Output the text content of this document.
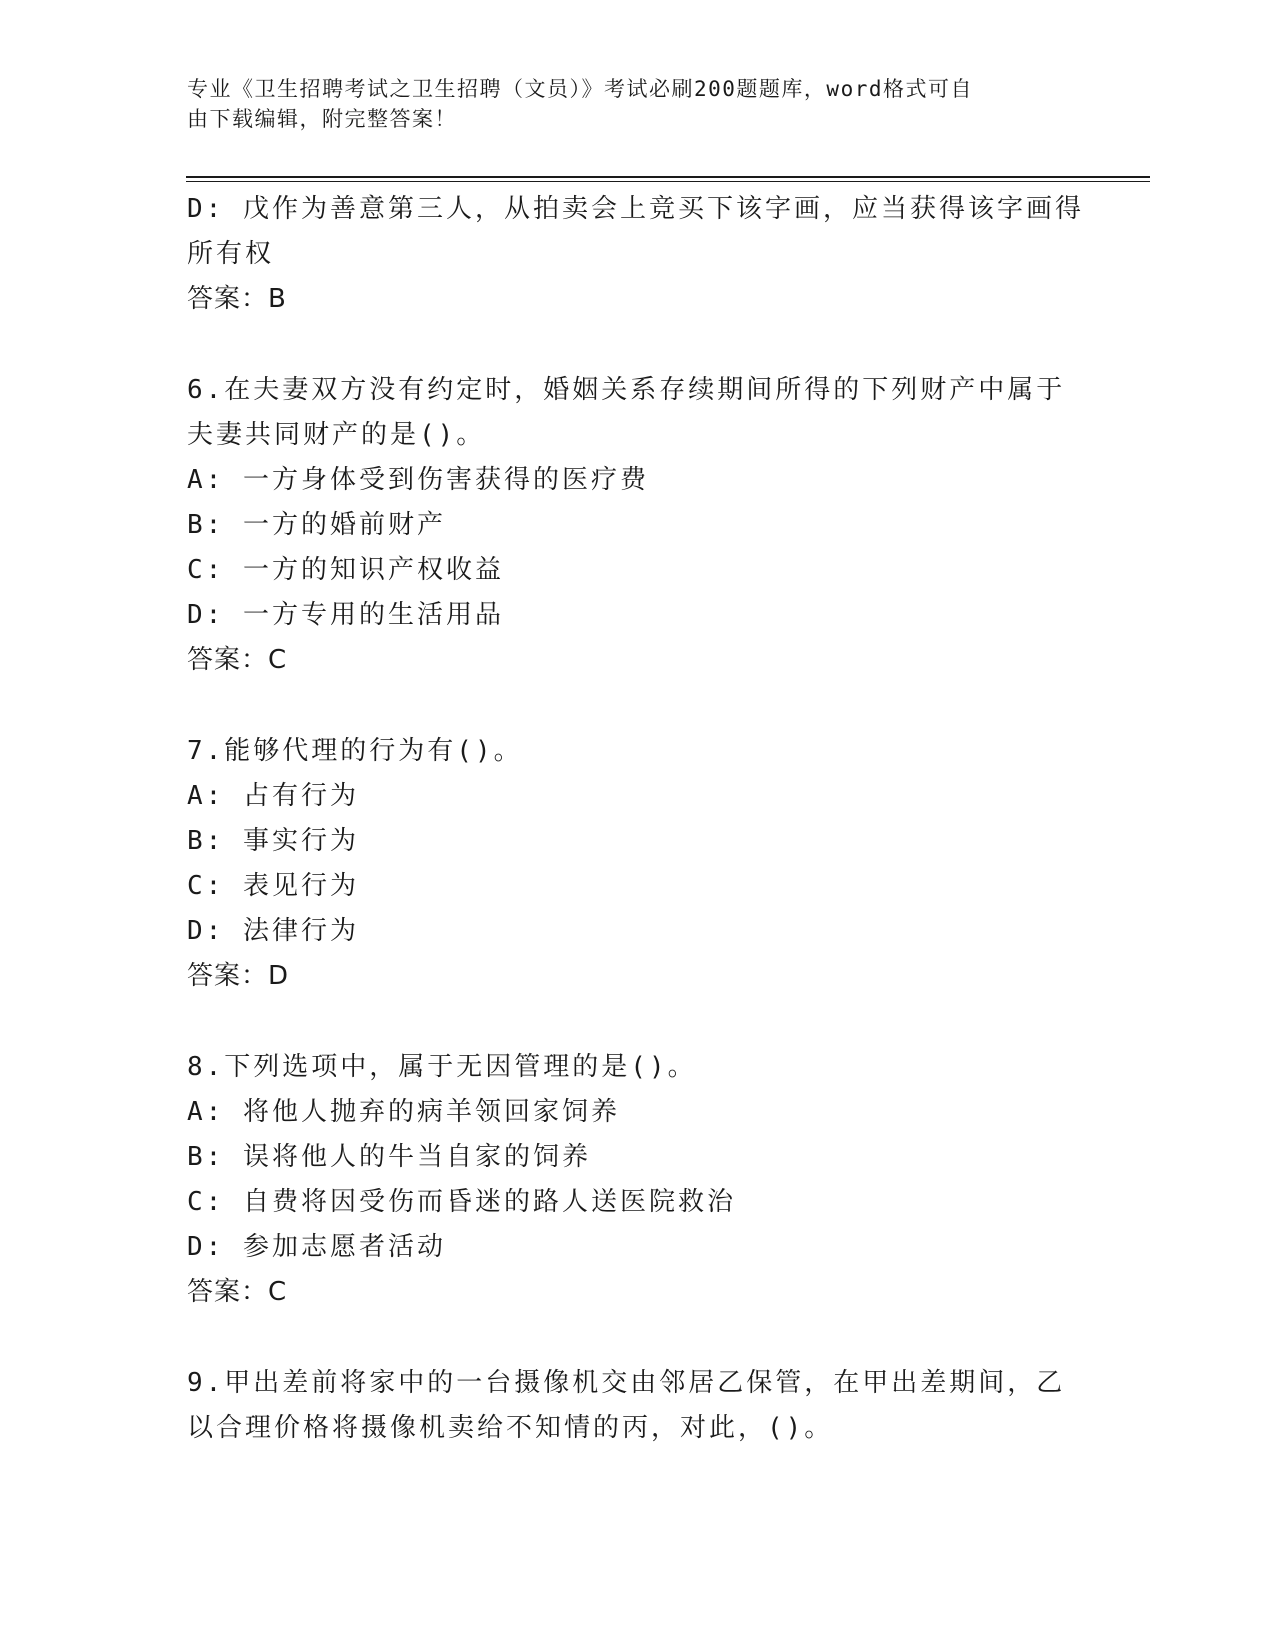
专业《卫生招聘考试之卫生招聘（文员）》考试必刷200题题库，word格式可自
由下载编辑，附完整答案！
D: 戊作为善意第三人，从拍卖会上竞买下该字画，应当获得该字画得
所有权
答案：B
6.在夫妻双方没有约定时，婚姻关系存续期间所得的下列财产中属于
夫妻共同财产的是()。
A: 一方身体受到伤害获得的医疗费
B: 一方的婚前财产
C: 一方的知识产权收益
D: 一方专用的生活用品
答案：C
7.能够代理的行为有()。
A: 占有行为
B: 事实行为
C: 表见行为
D: 法律行为
答案：D
8.下列选项中，属于无因管理的是()。
A: 将他人抛弃的病羊领回家饲养
B: 误将他人的牛当自家的饲养
C: 自费将因受伤而昏迷的路人送医院救治
D: 参加志愿者活动
答案：C
9.甲出差前将家中的一台摄像机交由邻居乙保管，在甲出差期间，乙
以合理价格将摄像机卖给不知情的丙，对此，()。
